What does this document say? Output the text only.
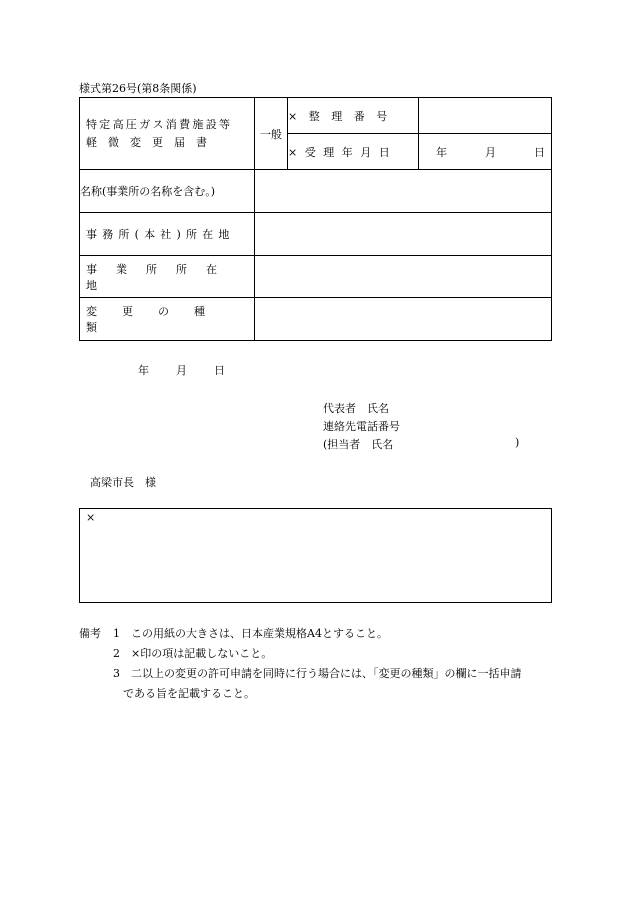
様式第26号(第8条関係)
特定高圧ガス消費施設等
軽　微　変　更　届　書	一般	× 整 理 番 号	
		× 受 理 年 月 日	年 月 日

名称(事業所の名称を含む。)			

事務所(本社)所在地			

事業所所在地			

変更の種類			

年 月 日
代表者　氏名
連絡先電話番号
(担当者　氏名	)
高梁市長　様
×
備考	1	この用紙の大きさは、日本産業規格A4とすること。
2	×印の項は記載しないこと。
3	二以上の変更の許可申請を同時に行う場合には、「変更の種類」の欄に一括申請
である旨を記載すること。
